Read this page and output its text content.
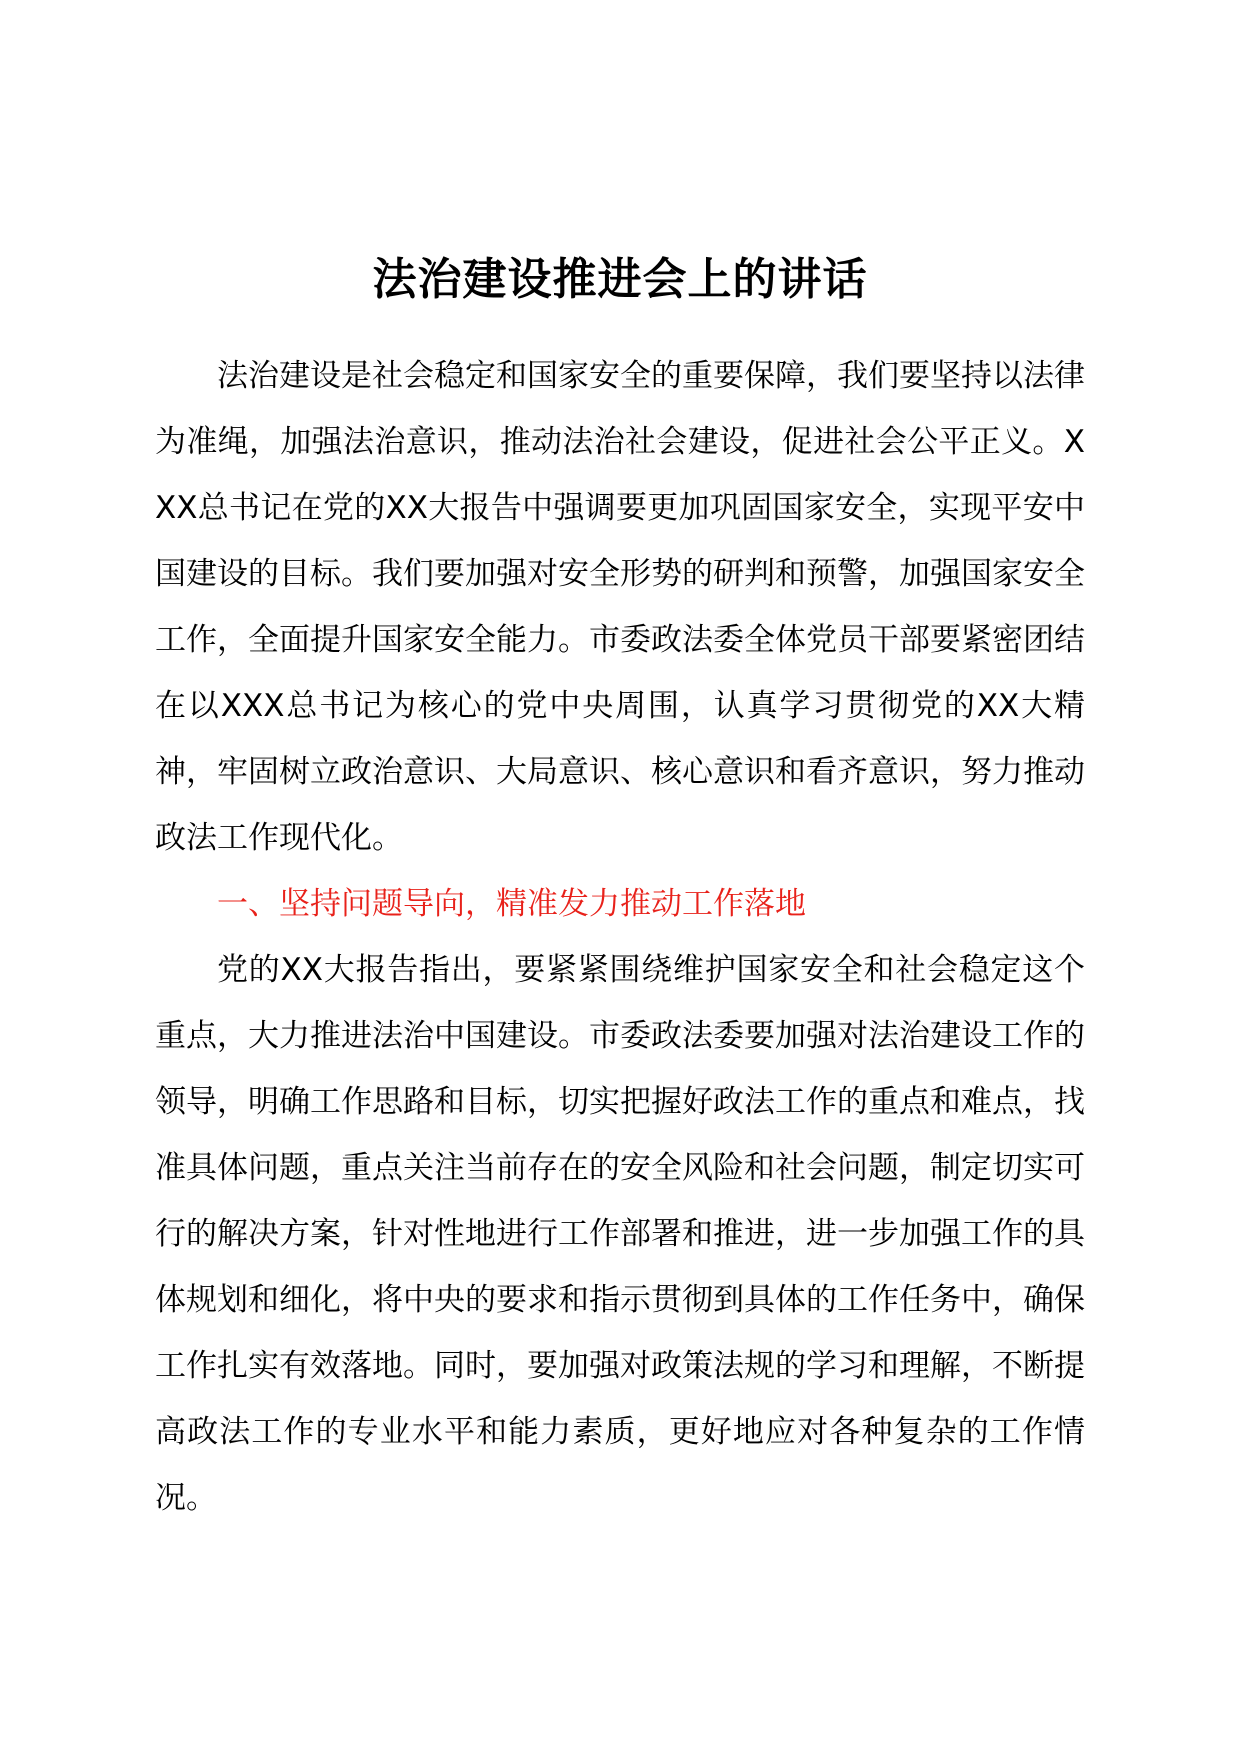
法治建设推进会上的讲话

法治建设是社会稳定和国家安全的重要保障，我们要坚持以法律为准绳，加强法治意识，推动法治社会建设，促进社会公平正义。XXX总书记在党的XX大报告中强调要更加巩固国家安全，实现平安中国建设的目标。我们要加强对安全形势的研判和预警，加强国家安全工作，全面提升国家安全能力。市委政法委全体党员干部要紧密团结在以XXX总书记为核心的党中央周围，认真学习贯彻党的XX大精神，牢固树立政治意识、大局意识、核心意识和看齐意识，努力推动政法工作现代化。

一、坚持问题导向，精准发力推动工作落地

党的XX大报告指出，要紧紧围绕维护国家安全和社会稳定这个重点，大力推进法治中国建设。市委政法委要加强对法治建设工作的领导，明确工作思路和目标，切实把握好政法工作的重点和难点，找准具体问题，重点关注当前存在的安全风险和社会问题，制定切实可行的解决方案，针对性地进行工作部署和推进，进一步加强工作的具体规划和细化，将中央的要求和指示贯彻到具体的工作任务中，确保工作扎实有效落地。同时，要加强对政策法规的学习和理解，不断提高政法工作的专业水平和能力素质，更好地应对各种复杂的工作情况。
